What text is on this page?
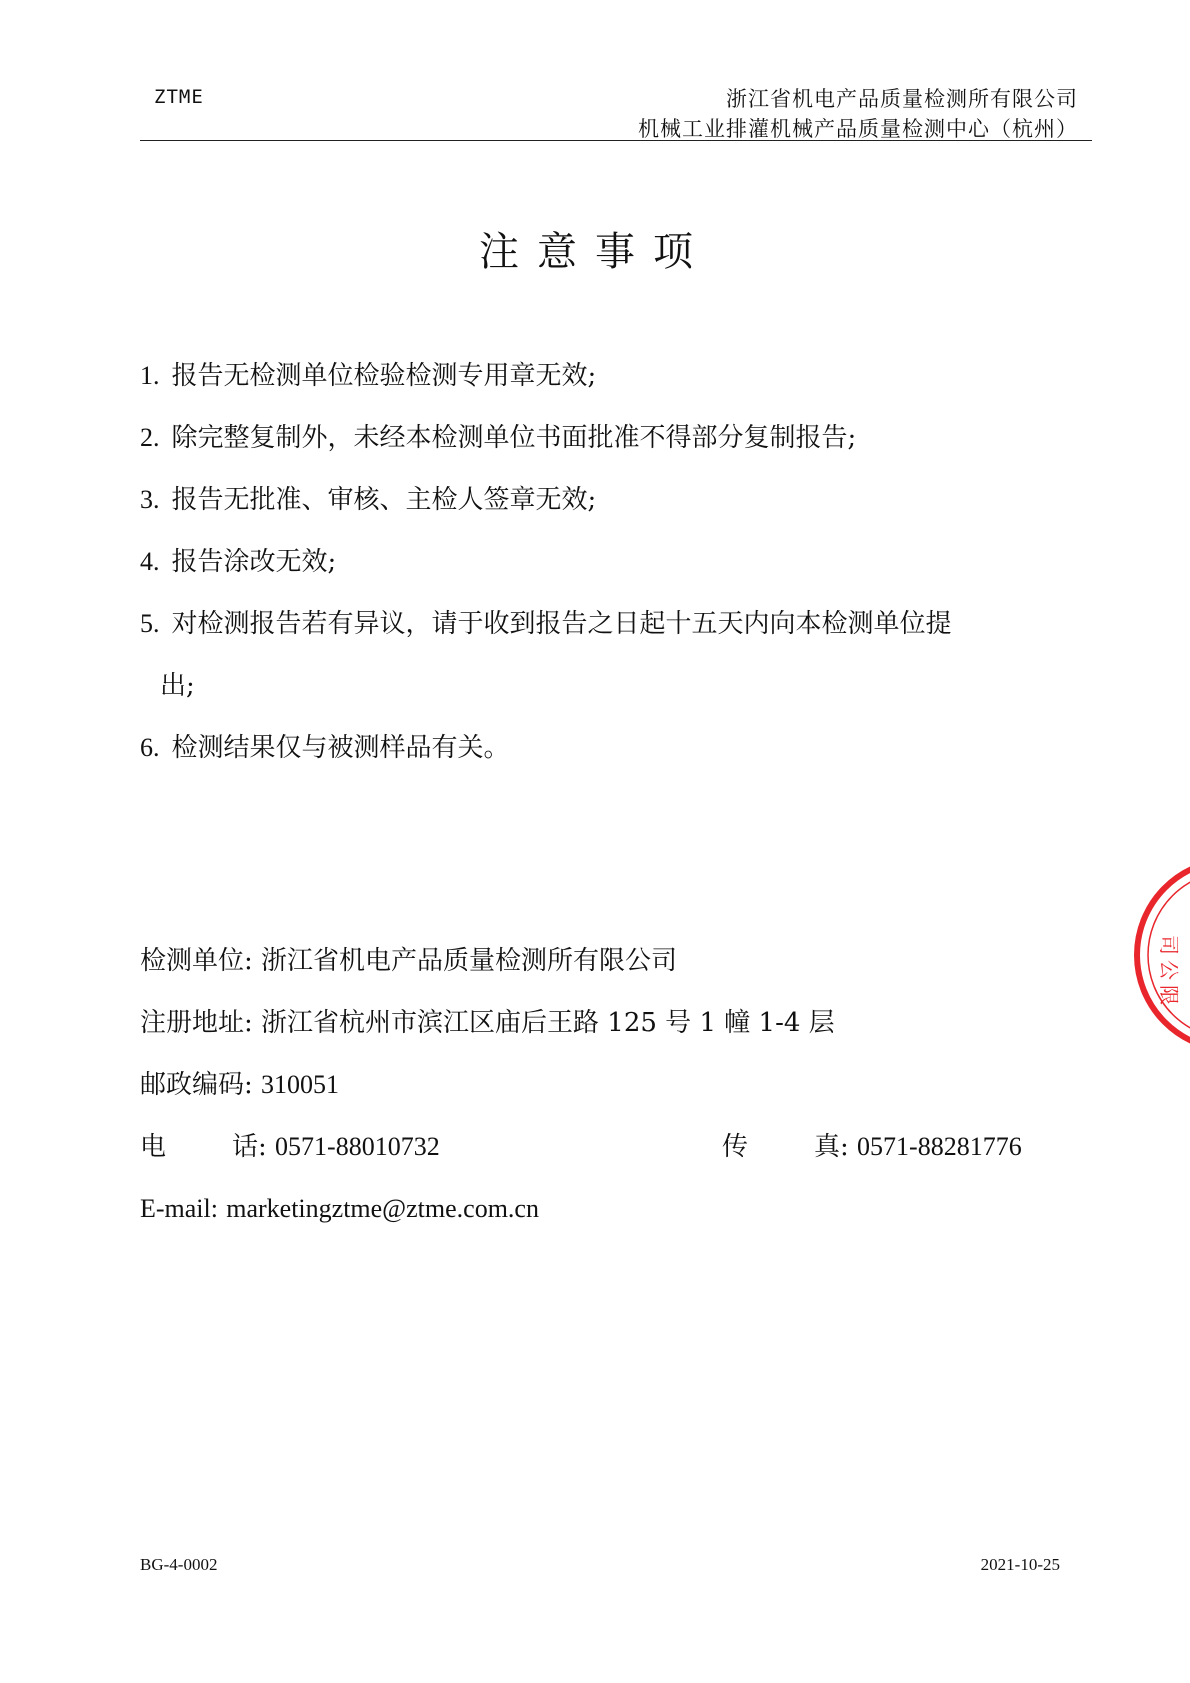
ZTME	浙江省机电产品质量检测所有限公司
机械工业排灌机械产品质量检测中心（杭州）
注意事项
1. 报告无检测单位检验检测专用章无效;
2. 除完整复制外，未经本检测单位书面批准不得部分复制报告;
3. 报告无批准、审核、主检人签章无效;
4. 报告涂改无效;
5. 对检测报告若有异议，请于收到报告之日起十五天内向本检测单位提
出;
6. 检测结果仅与被测样品有关。
检测单位: 浙江省机电产品质量检测所有限公司
注册地址: 浙江省杭州市滨江区庙后王路 125 号 1 幢 1-4 层
邮政编码: 310051
电话: 0571-88010732	传真: 0571-88281776
E-mail: marketingztme@ztme.com.cn
司
公
限
BG-4-0002	2021-10-25
